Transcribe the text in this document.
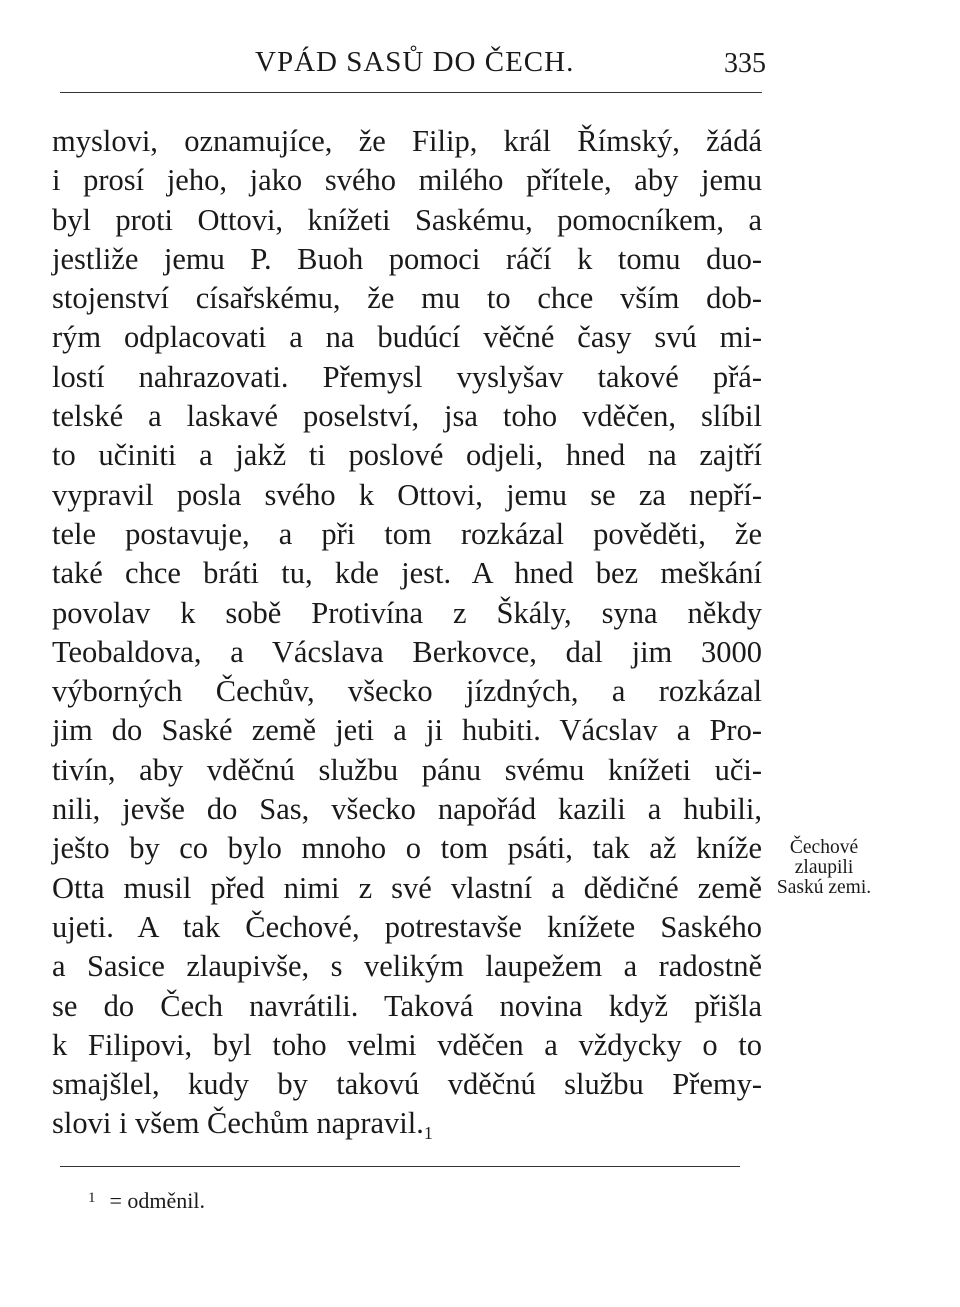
VPÁD SASŮ DO ČECH.	335
myslovi, oznamujíce, že Filip, král Římský, žádá
i prosí jeho, jako svého milého přítele, aby jemu
byl proti Ottovi, knížeti Saskému, pomocníkem, a
jestliže jemu P. Buoh pomoci ráčí k tomu duo-
stojenství císařskému, že mu to chce vším dob-
rým odplacovati a na budúcí věčné časy svú mi-
lostí nahrazovati. Přemysl vyslyšav takové přá-
telské a laskavé poselství, jsa toho vděčen, slíbil
to učiniti a jakž ti poslové odjeli, hned na zajtří
vypravil posla svého k Ottovi, jemu se za nepří-
tele postavuje, a při tom rozkázal pověděti, že
také chce bráti tu, kde jest. A hned bez meškání
povolav k sobě Protivína z Škály, syna někdy
Teobaldova, a Vácslava Berkovce, dal jim 3000
výborných Čechův, všecko jízdných, a rozkázal
jim do Saské země jeti a ji hubiti. Vácslav a Pro-
tivín, aby vděčnú službu pánu svému knížeti uči-
nili, jevše do Sas, všecko napořád kazili a hubili,
ješto by co bylo mnoho o tom psáti, tak až kníže
Otta musil před nimi z své vlastní a dědičné země
ujeti. A tak Čechové, potrestavše knížete Saského
a Sasice zlaupivše, s velikým laupežem a radostně
se do Čech navrátili. Taková novina když přišla
k Filipovi, byl toho velmi vděčen a vždycky o to
smajšlel, kudy by takovú vděčnú službu Přemy-
slovi i všem Čechům napravil.1
Čechové
zlaupili
Saskú zemi.
$^1$ = odměnil.
